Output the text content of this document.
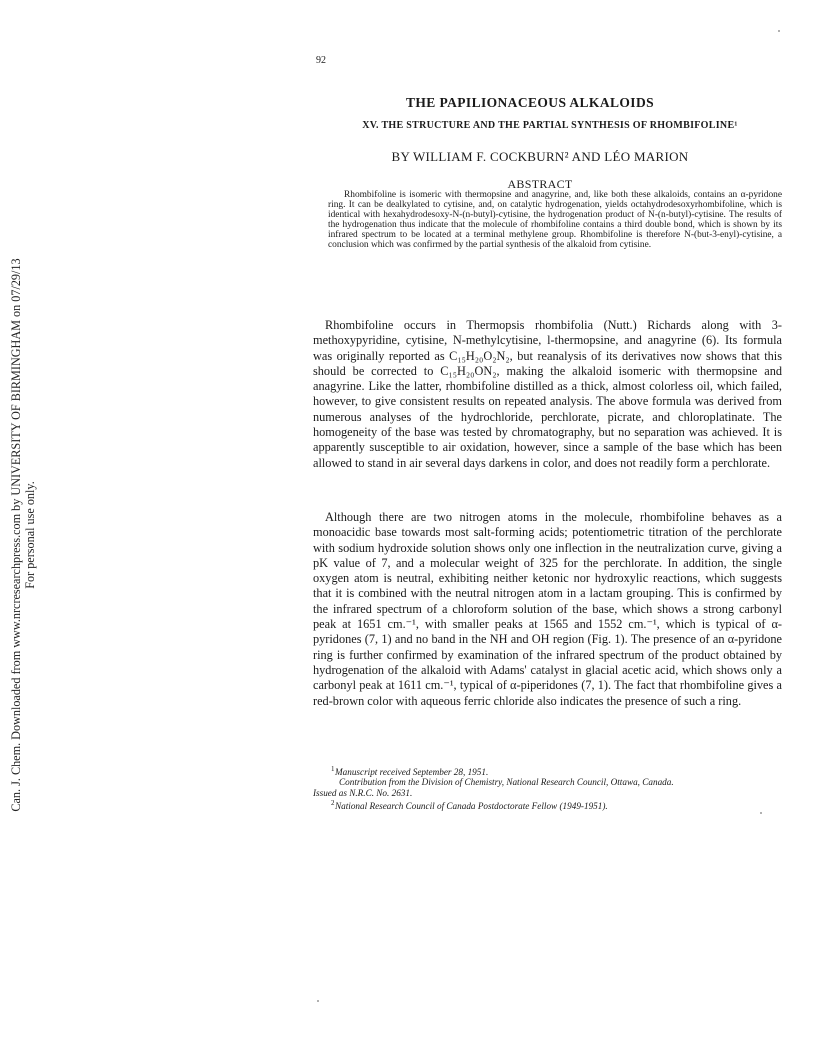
Can. J. Chem. Downloaded from www.nrcresearchpress.com by UNIVERSITY OF BIRMINGHAM on 07/29/13 For personal use only.
92
THE PAPILIONACEOUS ALKALOIDS
XV. THE STRUCTURE AND THE PARTIAL SYNTHESIS OF RHOMBIFOLINE¹
BY WILLIAM F. COCKBURN² AND LÉO MARION
ABSTRACT
Rhombifoline is isomeric with thermopsine and anagyrine, and, like both these alkaloids, contains an α-pyridone ring. It can be dealkylated to cytisine, and, on catalytic hydrogenation, yields octahydrodesoxyrhombifoline, which is identical with hexahydrodesoxy-N-(n-butyl)-cytisine, the hydrogenation product of N-(n-butyl)-cytisine. The results of the hydrogenation thus indicate that the molecule of rhombifoline contains a third double bond, which is shown by its infrared spectrum to be located at a terminal methylene group. Rhombifoline is therefore N-(but-3-enyl)-cytisine, a conclusion which was confirmed by the partial synthesis of the alkaloid from cytisine.
Rhombifoline occurs in Thermopsis rhombifolia (Nutt.) Richards along with 3-methoxypyridine, cytisine, N-methylcytisine, l-thermopsine, and anagyrine (6). Its formula was originally reported as C₁₅H₂₀O₂N₂, but reanalysis of its derivatives now shows that this should be corrected to C₁₅H₂₀ON₂, making the alkaloid isomeric with thermopsine and anagyrine. Like the latter, rhombifoline distilled as a thick, almost colorless oil, which failed, however, to give consistent results on repeated analysis. The above formula was derived from numerous analyses of the hydrochloride, perchlorate, picrate, and chloroplatinate. The homogeneity of the base was tested by chromatography, but no separation was achieved. It is apparently susceptible to air oxidation, however, since a sample of the base which has been allowed to stand in air several days darkens in color, and does not readily form a perchlorate.
Although there are two nitrogen atoms in the molecule, rhombifoline behaves as a monoacidic base towards most salt-forming acids; potentiometric titration of the perchlorate with sodium hydroxide solution shows only one inflection in the neutralization curve, giving a pK value of 7, and a molecular weight of 325 for the perchlorate. In addition, the single oxygen atom is neutral, exhibiting neither ketonic nor hydroxylic reactions, which suggests that it is combined with the neutral nitrogen atom in a lactam grouping. This is confirmed by the infrared spectrum of a chloroform solution of the base, which shows a strong carbonyl peak at 1651 cm.⁻¹, with smaller peaks at 1565 and 1552 cm.⁻¹, which is typical of α-pyridones (7, 1) and no band in the NH and OH region (Fig. 1). The presence of an α-pyridone ring is further confirmed by examination of the infrared spectrum of the product obtained by hydrogenation of the alkaloid with Adams' catalyst in glacial acetic acid, which shows only a carbonyl peak at 1611 cm.⁻¹, typical of α-piperidones (7, 1). The fact that rhombifoline gives a red-brown color with aqueous ferric chloride also indicates the presence of such a ring.
1Manuscript received September 28, 1951.
Contribution from the Division of Chemistry, National Research Council, Ottawa, Canada.
Issued as N.R.C. No. 2631.
2National Research Council of Canada Postdoctorate Fellow (1949-1951).
